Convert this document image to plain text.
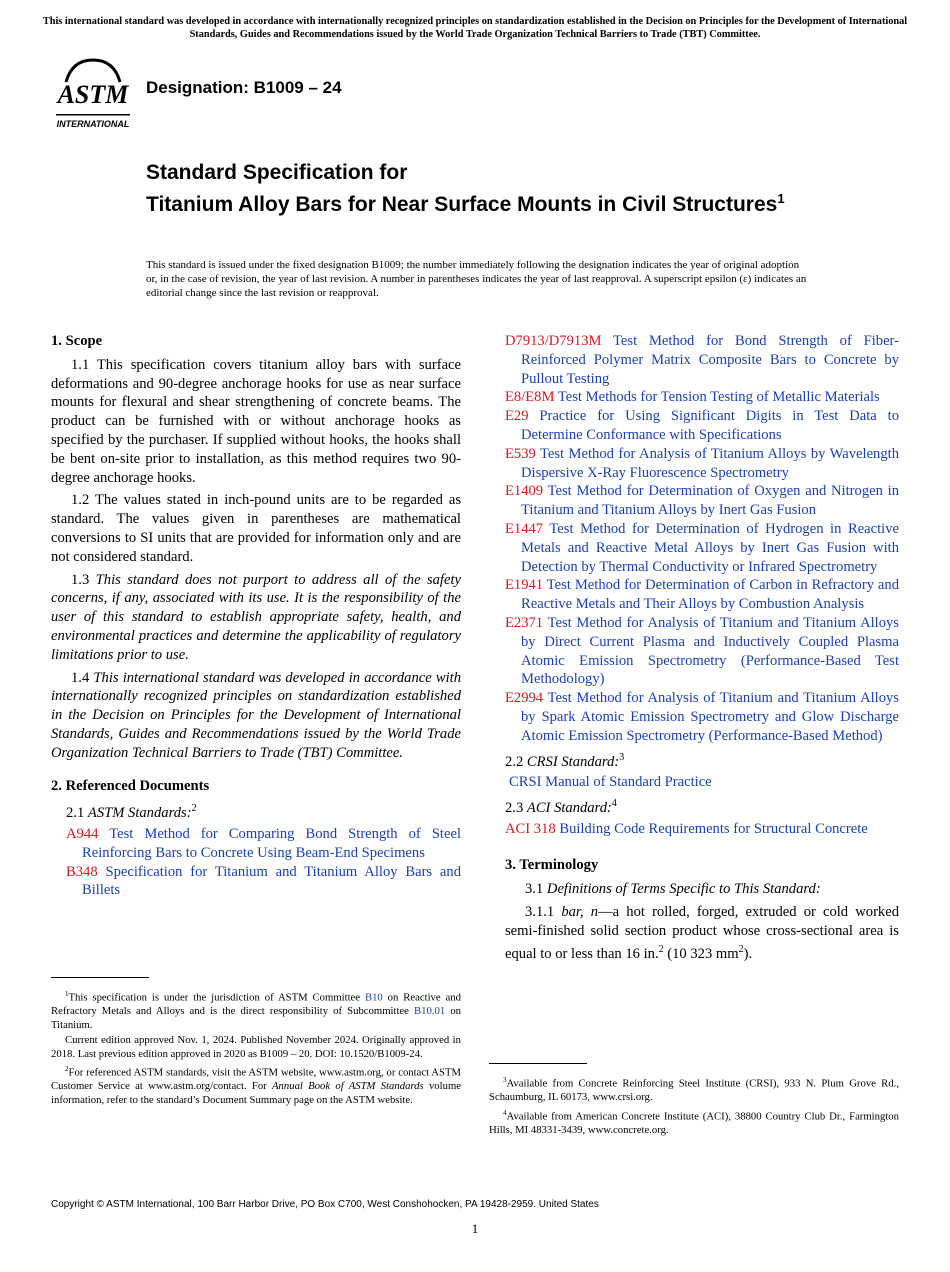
This international standard was developed in accordance with internationally recognized principles on standardization established in the Decision on Principles for the Development of International Standards, Guides and Recommendations issued by the World Trade Organization Technical Barriers to Trade (TBT) Committee.
ASTM
INTERNATIONAL
Designation: B1009 – 24
Standard Specification for
Titanium Alloy Bars for Near Surface Mounts in Civil Structures$^1$
This standard is issued under the fixed designation B1009; the number immediately following the designation indicates the year of original adoption or, in the case of revision, the year of last revision. A number in parentheses indicates the year of last reapproval. A superscript epsilon (ε) indicates an editorial change since the last revision or reapproval.
1. Scope

1.1 This specification covers titanium alloy bars with surface deformations and 90-degree anchorage hooks for use as near surface mounts for flexural and shear strengthening of concrete beams. The product can be furnished with or without anchorage hooks as specified by the purchaser. If supplied without hooks, the hooks shall be bent on-site prior to installation, as this method requires two 90-degree anchorage hooks.

1.2 The values stated in inch-pound units are to be regarded as standard. The values given in parentheses are mathematical conversions to SI units that are provided for information only and are not considered standard.

1.3 This standard does not purport to address all of the safety concerns, if any, associated with its use. It is the responsibility of the user of this standard to establish appropriate safety, health, and environmental practices and determine the applicability of regulatory limitations prior to use.

1.4 This international standard was developed in accordance with internationally recognized principles on standardization established in the Decision on Principles for the Development of International Standards, Guides and Recommendations issued by the World Trade Organization Technical Barriers to Trade (TBT) Committee.

2. Referenced Documents
2.1 ASTM Standards:$^2$
A944 Test Method for Comparing Bond Strength of Steel Reinforcing Bars to Concrete Using Beam-End Specimens
B348 Specification for Titanium and Titanium Alloy Bars and Billets

$^1$This specification is under the jurisdiction of ASTM Committee B10 on Reactive and Refractory Metals and Alloys and is the direct responsibility of Subcommittee B10.01 on Titanium.

Current edition approved Nov. 1, 2024. Published November 2024. Originally approved in 2018. Last previous edition approved in 2020 as B1009 – 20. DOI: 10.1520/B1009-24.

$^2$For referenced ASTM standards, visit the ASTM website, www.astm.org, or contact ASTM Customer Service at www.astm.org/contact. For Annual Book of ASTM Standards volume information, refer to the standard’s Document Summary page on the ASTM website.

D7913/D7913M Test Method for Bond Strength of Fiber-Reinforced Polymer Matrix Composite Bars to Concrete by Pullout Testing
E8/E8M Test Methods for Tension Testing of Metallic Materials
E29 Practice for Using Significant Digits in Test Data to Determine Conformance with Specifications
E539 Test Method for Analysis of Titanium Alloys by Wavelength Dispersive X-Ray Fluorescence Spectrometry
E1409 Test Method for Determination of Oxygen and Nitrogen in Titanium and Titanium Alloys by Inert Gas Fusion
E1447 Test Method for Determination of Hydrogen in Reactive Metals and Reactive Metal Alloys by Inert Gas Fusion with Detection by Thermal Conductivity or Infrared Spectrometry
E1941 Test Method for Determination of Carbon in Refractory and Reactive Metals and Their Alloys by Combustion Analysis
E2371 Test Method for Analysis of Titanium and Titanium Alloys by Direct Current Plasma and Inductively Coupled Plasma Atomic Emission Spectrometry (Performance-Based Test Methodology)
E2994 Test Method for Analysis of Titanium and Titanium Alloys by Spark Atomic Emission Spectrometry and Glow Discharge Atomic Emission Spectrometry (Performance-Based Method)
2.2 CRSI Standard:$^3$
CRSI Manual of Standard Practice
2.3 ACI Standard:$^4$
ACI 318 Building Code Requirements for Structural Concrete
3. Terminology

3.1 Definitions of Terms Specific to This Standard:

3.1.1 bar, n—a hot rolled, forged, extruded or cold worked semi-finished solid section product whose cross-sectional area is equal to or less than 16 in.$^2$ (10 323 $mm^2$).

$^3$Available from Concrete Reinforcing Steel Institute (CRSI), 933 N. Plum Grove Rd., Schaumburg, IL 60173, www.crsi.org.

$^4$Available from American Concrete Institute (ACI), 38800 Country Club Dr., Farmington Hills, MI 48331-3439, www.concrete.org.

Copyright © ASTM International, 100 Barr Harbor Drive, PO Box C700, West Conshohocken, PA 19428-2959. United States
1
